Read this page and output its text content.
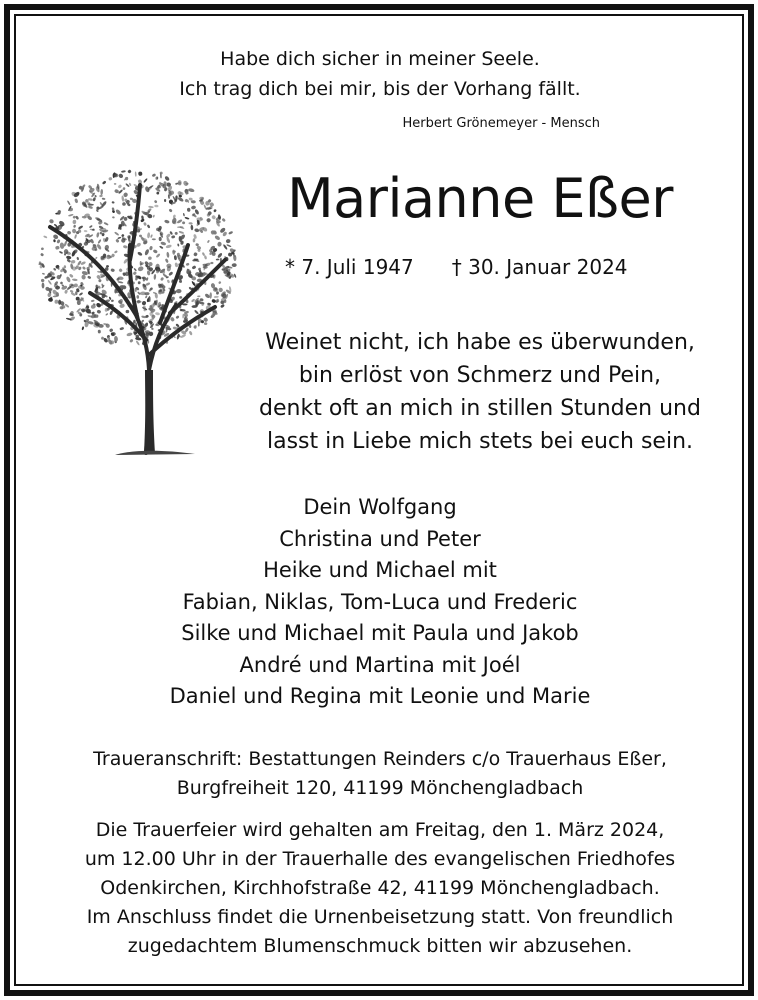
Habe dich sicher in meiner Seele.
Ich trag dich bei mir, bis der Vorhang fällt.
Herbert Grönemeyer - Mensch
Marianne Eßer
* 7. Juli 1947 † 30. Januar 2024
Weinet nicht, ich habe es überwunden,
bin erlöst von Schmerz und Pein,
denkt oft an mich in stillen Stunden und
lasst in Liebe mich stets bei euch sein.
Dein Wolfgang
Christina und Peter
Heike und Michael mit
Fabian, Niklas, Tom-Luca und Frederic
Silke und Michael mit Paula und Jakob
André und Martina mit Joél
Daniel und Regina mit Leonie und Marie
Traueranschrift: Bestattungen Reinders c/o Trauerhaus Eßer,
Burgfreiheit 120, 41199 Mönchengladbach
Die Trauerfeier wird gehalten am Freitag, den 1. März 2024,
um 12.00 Uhr in der Trauerhalle des evangelischen Friedhofes
Odenkirchen, Kirchhofstraße 42, 41199 Mönchengladbach.
Im Anschluss findet die Urnenbeisetzung statt. Von freundlich
zugedachtem Blumenschmuck bitten wir abzusehen.
